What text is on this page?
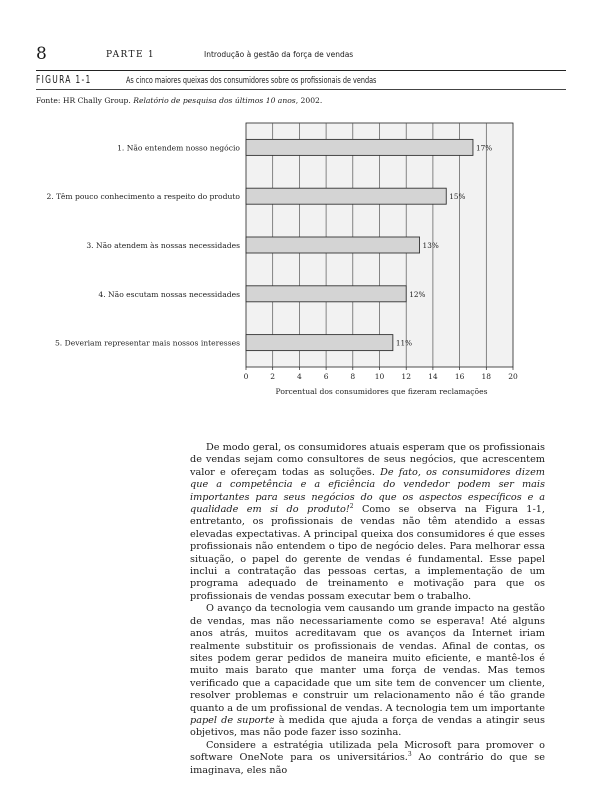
8	PARTE 1	Introdução à gestão da força de vendas
FIGURA 1-1	As cinco maiores queixas dos consumidores sobre os profissionais de vendas
Fonte: HR Chally Group. Relatório de pesquisa dos últimos 10 anos, 2002.
0	2	4	6	8	10 12 14 16 18 20
1. Não entendem nosso negócio	17%
2. Têm pouco conhecimento a respeito do produto	15%
3. Não atendem às nossas necessidades	13%
4. Não escutam nossas necessidades	12%
5. Deveriam representar mais nossos interesses	11%
Porcentual dos consumidores que fizeram reclamações

De modo geral, os consumidores atuais esperam que os profissionais de vendas sejam como consultores de seus negócios, que acrescentem valor e ofereçam todas as soluções. De fato, os consumidores dizem que a competência e a eficiência do vendedor podem ser mais importantes para seus negócios do que os aspectos específicos e a qualidade em si do produto!$^2$ Como se observa na Figura 1-1, entretanto, os profissionais de vendas não têm atendido a essas elevadas expectativas. A principal queixa dos consumidores é que esses profissionais não entendem o tipo de negócio deles. Para melhorar essa situação, o papel do gerente de vendas é fundamental. Esse papel inclui a contratação das pessoas certas, a implementação de um programa adequado de treinamento e motivação para que os profissionais de vendas possam executar bem o trabalho.

O avanço da tecnologia vem causando um grande impacto na gestão de vendas, mas não necessariamente como se esperava! Até alguns anos atrás, muitos acreditavam que os avanços da Internet iriam realmente substituir os profissionais de vendas. Afinal de contas, os sites podem gerar pedidos de maneira muito eficiente, e mantê-los é muito mais barato que manter uma força de vendas. Mas temos verificado que a capacidade que um site tem de convencer um cliente, resolver problemas e construir um relacionamento não é tão grande quanto a de um profissional de vendas. A tecnologia tem um importante papel de suporte à medida que ajuda a força de vendas a atingir seus objetivos, mas não pode fazer isso sozinha.

Considere a estratégia utilizada pela Microsoft para promover o software OneNote para os universitários.$^3$ Ao contrário do que se imaginava, eles não
